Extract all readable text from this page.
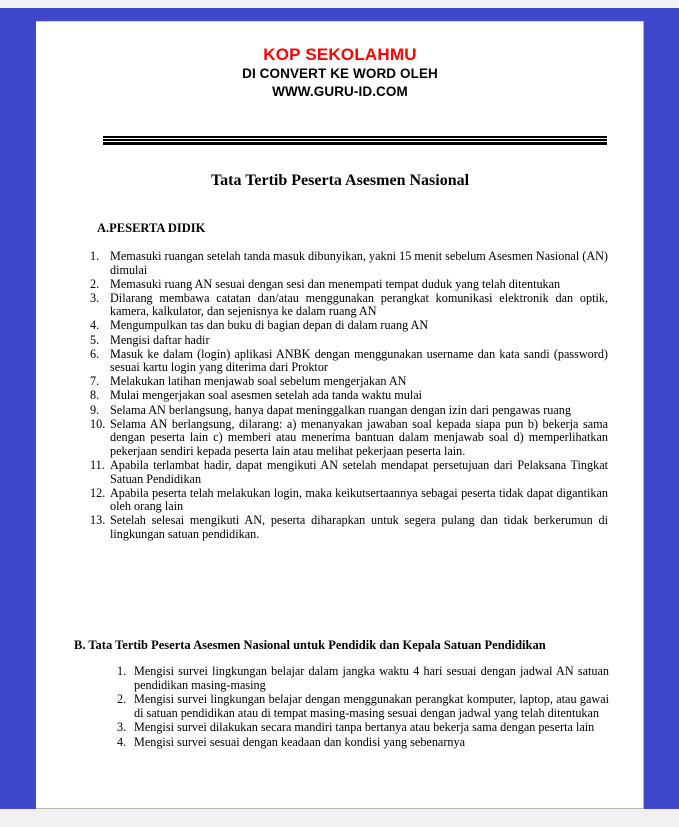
KOP SEKOLAHMU
DI CONVERT KE WORD OLEH
WWW.GURU-ID.COM
Tata Tertib Peserta Asesmen Nasional
A.PESERTA DIDIK
1. Memasuki ruangan setelah tanda masuk dibunyikan, yakni 15 menit sebelum Asesmen Nasional (AN) dimulai
2. Memasuki ruang AN sesuai dengan sesi dan menempati tempat duduk yang telah ditentukan
3. Dilarang membawa catatan dan/atau menggunakan perangkat komunikasi elektronik dan optik, kamera, kalkulator, dan sejenisnya ke dalam ruang AN
4. Mengumpulkan tas dan buku di bagian depan di dalam ruang AN
5. Mengisi daftar hadir
6. Masuk ke dalam (login) aplikasi ANBK dengan menggunakan username dan kata sandi (password) sesuai kartu login yang diterima dari Proktor
7. Melakukan latihan menjawab soal sebelum mengerjakan AN
8. Mulai mengerjakan soal asesmen setelah ada tanda waktu mulai
9. Selama AN berlangsung, hanya dapat meninggalkan ruangan dengan izin dari pengawas ruang
10. Selama AN berlangsung, dilarang: a) menanyakan jawaban soal kepada siapa pun b) bekerja sama dengan peserta lain c) memberi atau menerima bantuan dalam menjawab soal d) memperlihatkan pekerjaan sendiri kepada peserta lain atau melihat pekerjaan peserta lain.
11. Apabila terlambat hadir, dapat mengikuti AN setelah mendapat persetujuan dari Pelaksana Tingkat Satuan Pendidikan
12. Apabila peserta telah melakukan login, maka keikutsertaannya sebagai peserta tidak dapat digantikan oleh orang lain
13. Setelah selesai mengikuti AN, peserta diharapkan untuk segera pulang dan tidak berkerumun di lingkungan satuan pendidikan.
B. Tata Tertib Peserta Asesmen Nasional untuk Pendidik dan Kepala Satuan Pendidikan
1. Mengisi survei lingkungan belajar dalam jangka waktu 4 hari sesuai dengan jadwal AN satuan pendidikan masing-masing
2. Mengisi survei lingkungan belajar dengan menggunakan perangkat komputer, laptop, atau gawai di satuan pendidikan atau di tempat masing-masing sesuai dengan jadwal yang telah ditentukan
3. Mengisi survei dilakukan secara mandiri tanpa bertanya atau bekerja sama dengan peserta lain
4. Mengisi survei sesuai dengan keadaan dan kondisi yang sebenarnya
